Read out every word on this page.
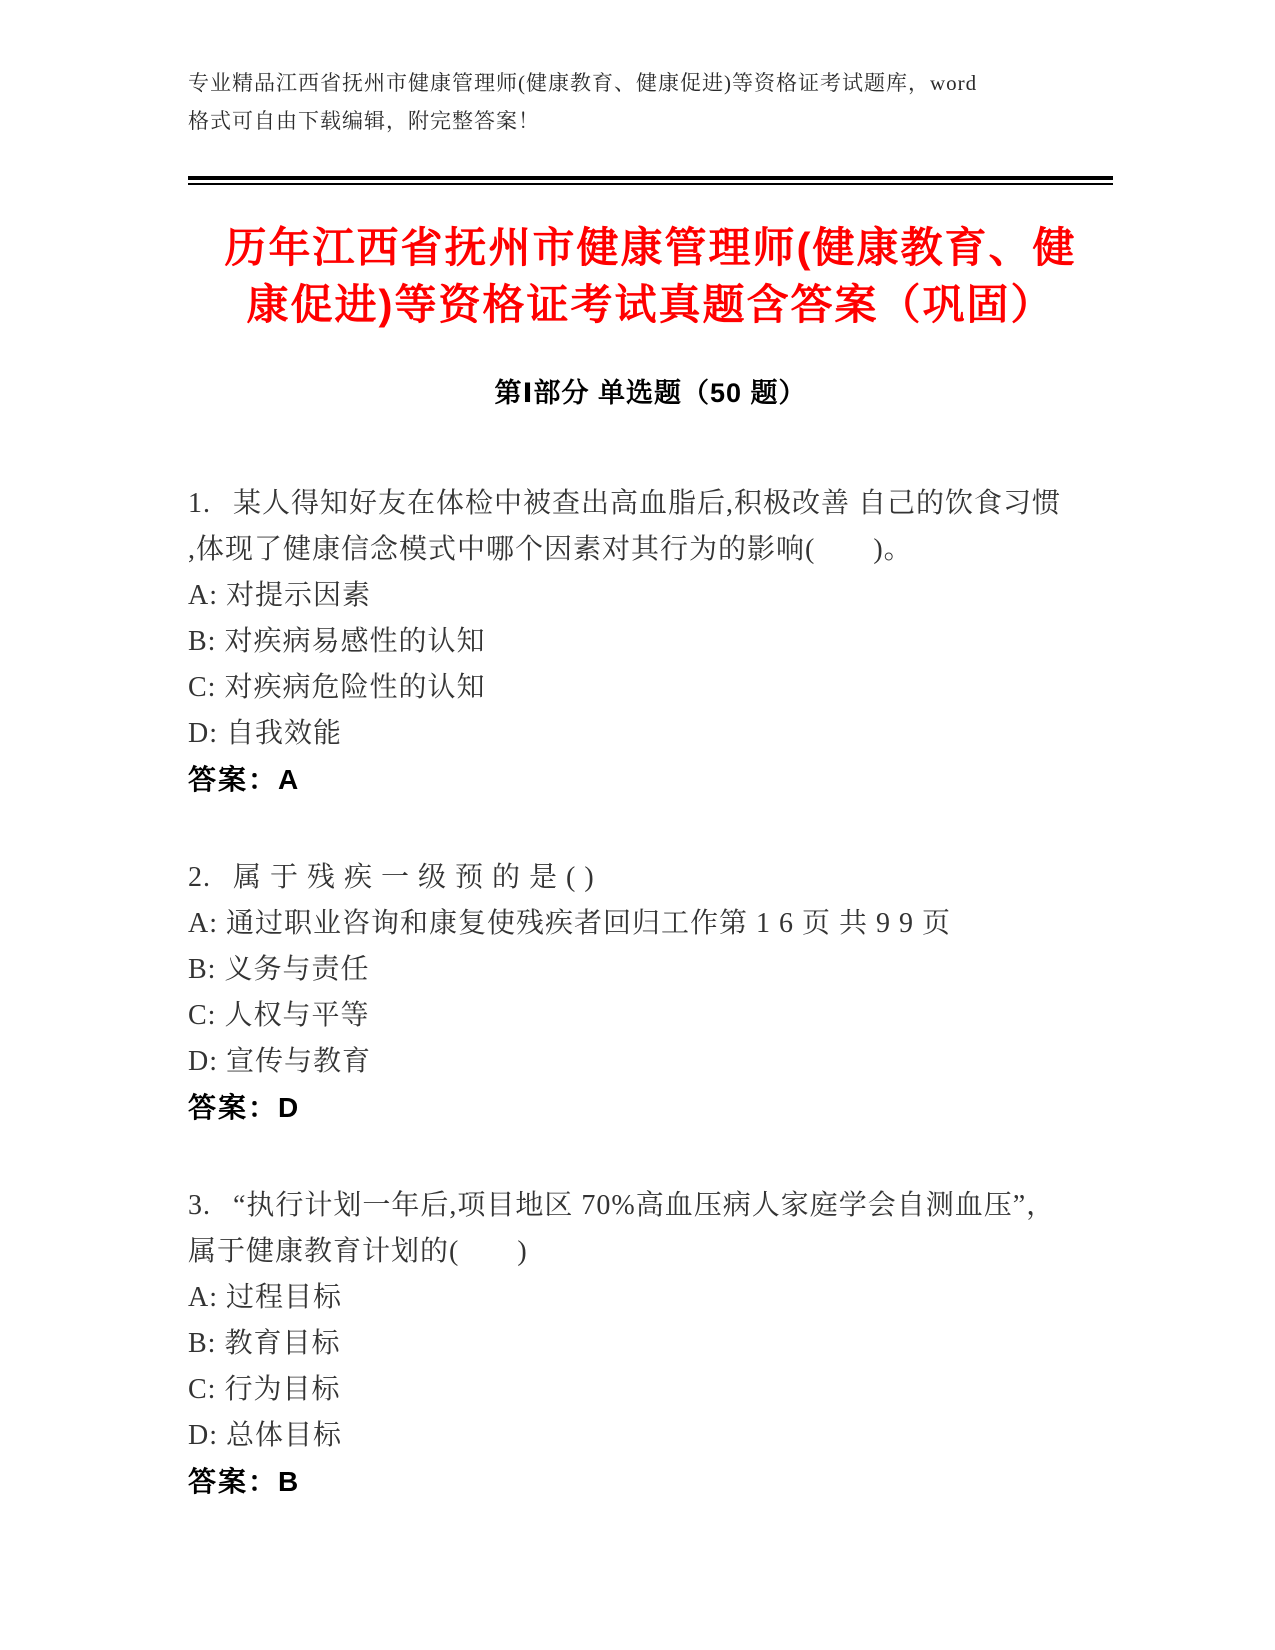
专业精品江西省抚州市健康管理师(健康教育、健康促进)等资格证考试题库，word

格式可自由下载编辑，附完整答案！

历年江西省抚州市健康管理师(健康教育、健

康促进)等资格证考试真题含答案（巩固）

第Ⅰ部分 单选题（50 题）

1. 某人得知好友在体检中被查出高血脂后,积极改善 自己的饮食习惯

,体现了健康信念模式中哪个因素对其行为的影响(　　)。

A: 对提示因素

B: 对疾病易感性的认知

C: 对疾病危险性的认知

D: 自我效能

答案：A

2. 属 于 残 疾 一 级 预 的 是 ( )

A: 通过职业咨询和康复使残疾者回归工作第 1 6 页 共 9 9 页

B: 义务与责任

C: 人权与平等

D: 宣传与教育

答案：D

3. “执行计划一年后,项目地区 70%高血压病人家庭学会自测血压”，

属于健康教育计划的(　　)

A: 过程目标

B: 教育目标

C: 行为目标

D: 总体目标

答案：B
